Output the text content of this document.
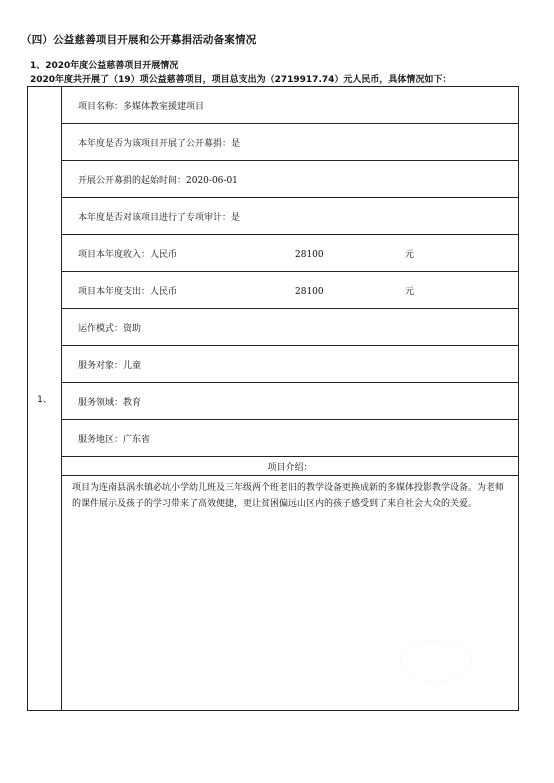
（四）公益慈善项目开展和公开募捐活动备案情况
1、2020年度公益慈善项目开展情况
2020年度共开展了（19）项公益慈善项目，项目总支出为（2719917.74）元人民币，具体情况如下：
1、	项目名称：多媒体教室援建项目
本年度是否为该项目开展了公开募捐：是
开展公开募捐的起始时间：2020-06-01
本年度是否对该项目进行了专项审计：是
项目本年度收入：人民币	28100	元
项目本年度支出：人民币	28100	元
运作模式：资助
服务对象：儿童
服务领域：教育
服务地区：广东省
项目介绍：
项目为连南县涡水镇必坑小学幼儿班及三年级两个班老旧的教学设备更换成新的多媒体投影教学设备。为老师的课件展示及孩子的学习带来了高效便捷，更让贫困偏远山区内的孩子感受到了来自社会大众的关爱。
